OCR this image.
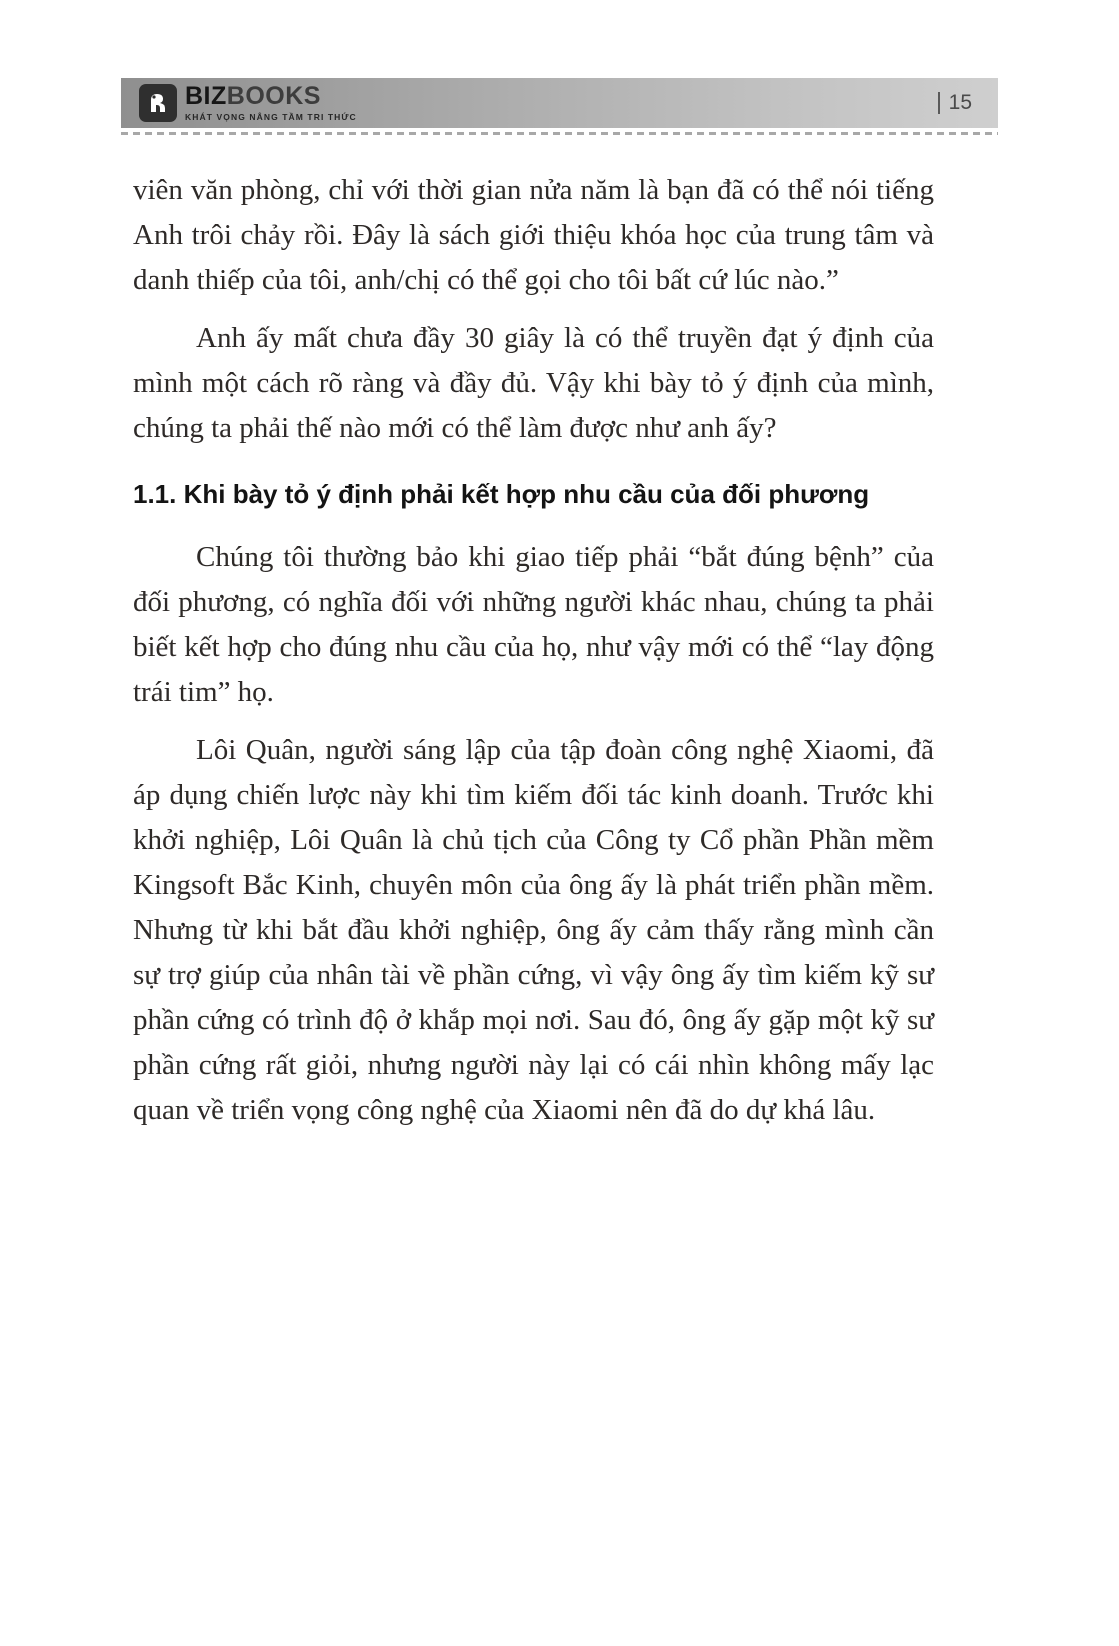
BIZBOOKS
KHÁT VỌNG NÂNG TẦM TRI THỨC
15

viên văn phòng, chỉ với thời gian nửa năm là bạn đã có thể nói tiếng Anh trôi chảy rồi. Đây là sách giới thiệu khóa học của trung tâm và danh thiếp của tôi, anh/chị có thể gọi cho tôi bất cứ lúc nào.”

Anh ấy mất chưa đầy 30 giây là có thể truyền đạt ý định của mình một cách rõ ràng và đầy đủ. Vậy khi bày tỏ ý định của mình, chúng ta phải thế nào mới có thể làm được như anh ấy?

1.1. Khi bày tỏ ý định phải kết hợp nhu cầu của đối phương

Chúng tôi thường bảo khi giao tiếp phải “bắt đúng bệnh” của đối phương, có nghĩa đối với những người khác nhau, chúng ta phải biết kết hợp cho đúng nhu cầu của họ, như vậy mới có thể “lay động trái tim” họ.

Lôi Quân, người sáng lập của tập đoàn công nghệ Xiaomi, đã áp dụng chiến lược này khi tìm kiếm đối tác kinh doanh. Trước khi khởi nghiệp, Lôi Quân là chủ tịch của Công ty Cổ phần Phần mềm Kingsoft Bắc Kinh, chuyên môn của ông ấy là phát triển phần mềm. Nhưng từ khi bắt đầu khởi nghiệp, ông ấy cảm thấy rằng mình cần sự trợ giúp của nhân tài về phần cứng, vì vậy ông ấy tìm kiếm kỹ sư phần cứng có trình độ ở khắp mọi nơi. Sau đó, ông ấy gặp một kỹ sư phần cứng rất giỏi, nhưng người này lại có cái nhìn không mấy lạc quan về triển vọng công nghệ của Xiaomi nên đã do dự khá lâu.
